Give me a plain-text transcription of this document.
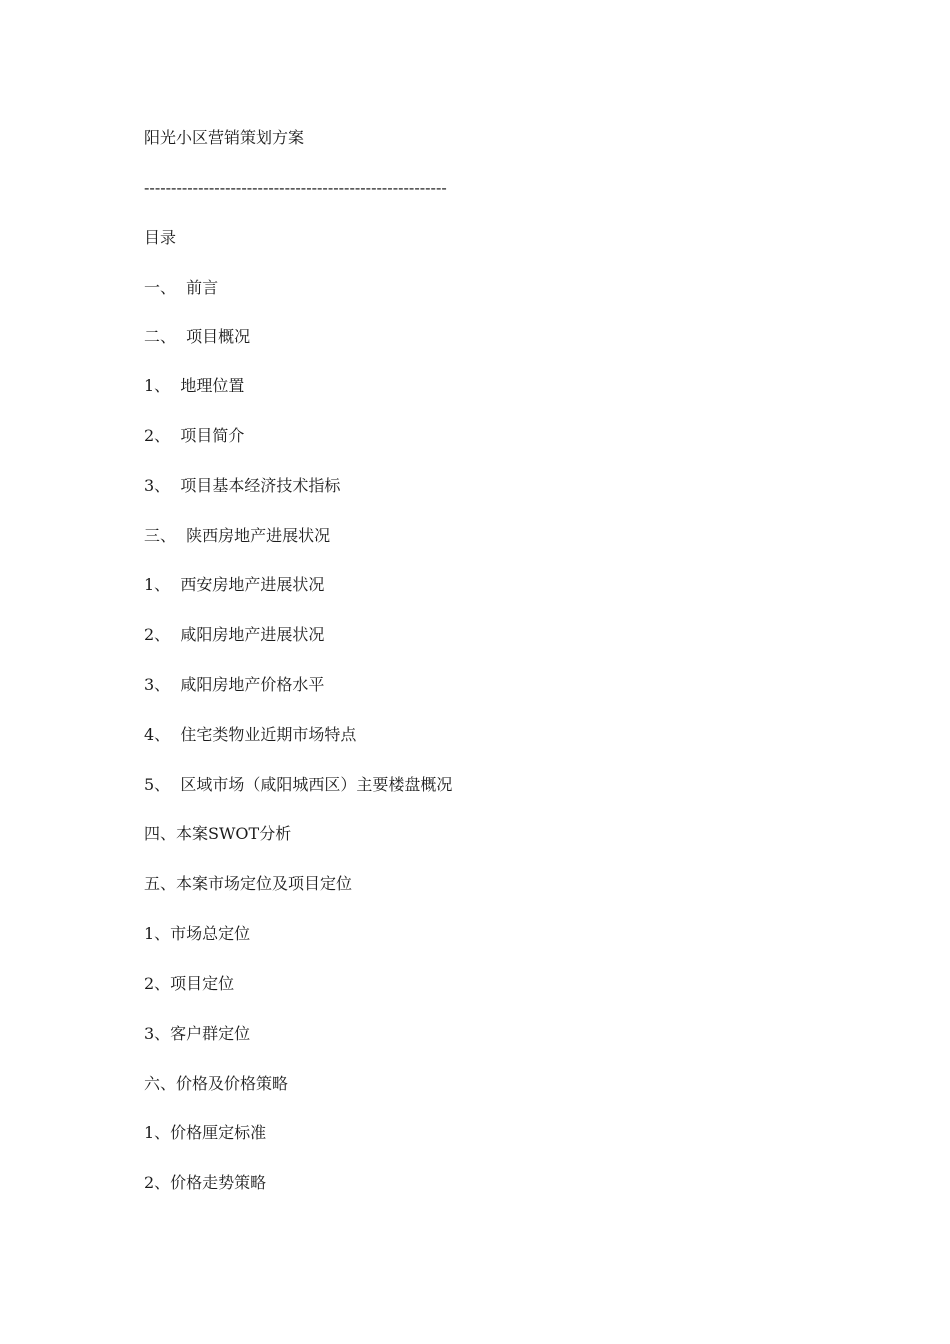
阳光小区营销策划方案
--------------------------------------------------------
目录
一、  前言
二、  项目概况
1、  地理位置
2、  项目简介
3、  项目基本经济技术指标
三、  陕西房地产进展状况
1、  西安房地产进展状况
2、  咸阳房地产进展状况
3、  咸阳房地产价格水平
4、  住宅类物业近期市场特点
5、  区域市场（咸阳城西区）主要楼盘概况
四、本案SWOT分析
五、本案市场定位及项目定位
1、市场总定位
2、项目定位
3、客户群定位
六、价格及价格策略
1、价格厘定标准
2、价格走势策略
